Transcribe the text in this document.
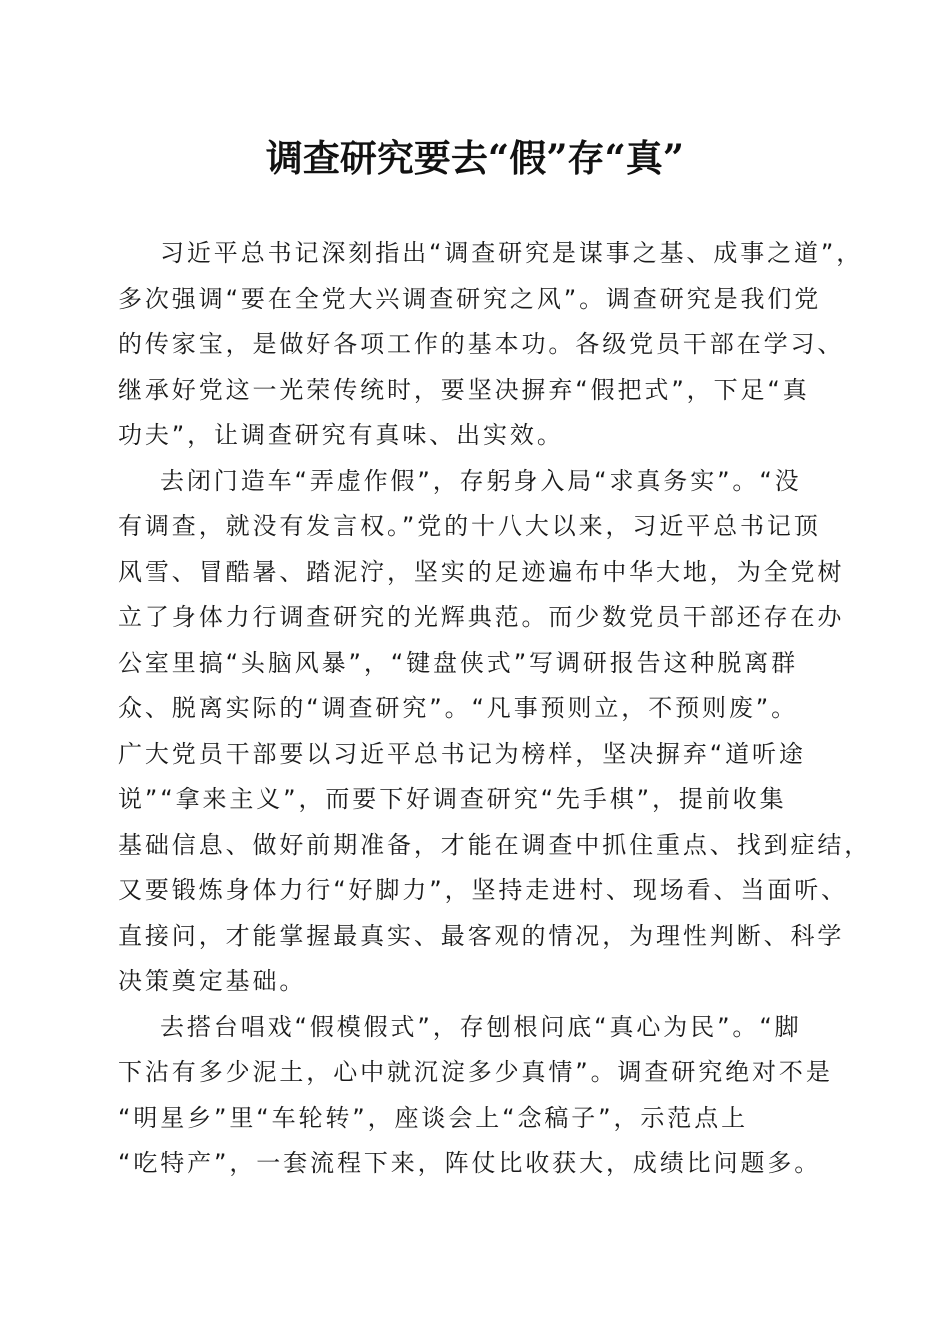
调查研究要去“假”存“真”
习近平总书记深刻指出“调查研究是谋事之基、成事之道”，
多次强调“要在全党大兴调查研究之风”。调查研究是我们党
的传家宝，是做好各项工作的基本功。各级党员干部在学习、
继承好党这一光荣传统时，要坚决摒弃“假把式”，下足“真
功夫”，让调查研究有真味、出实效。
去闭门造车“弄虚作假”，存躬身入局“求真务实”。“没
有调查，就没有发言权。”党的十八大以来，习近平总书记顶
风雪、冒酷暑、踏泥泞，坚实的足迹遍布中华大地，为全党树
立了身体力行调查研究的光辉典范。而少数党员干部还存在办
公室里搞“头脑风暴”，“键盘侠式”写调研报告这种脱离群
众、脱离实际的“调查研究”。“凡事预则立，不预则废”。
广大党员干部要以习近平总书记为榜样，坚决摒弃“道听途
说”“拿来主义”，而要下好调查研究“先手棋”，提前收集
基础信息、做好前期准备，才能在调查中抓住重点、找到症结，
又要锻炼身体力行“好脚力”，坚持走进村、现场看、当面听、
直接问，才能掌握最真实、最客观的情况，为理性判断、科学
决策奠定基础。
去搭台唱戏“假模假式”，存刨根问底“真心为民”。“脚
下沾有多少泥土，心中就沉淀多少真情”。调查研究绝对不是
“明星乡”里“车轮转”，座谈会上“念稿子”，示范点上
“吃特产”，一套流程下来，阵仗比收获大，成绩比问题多。
